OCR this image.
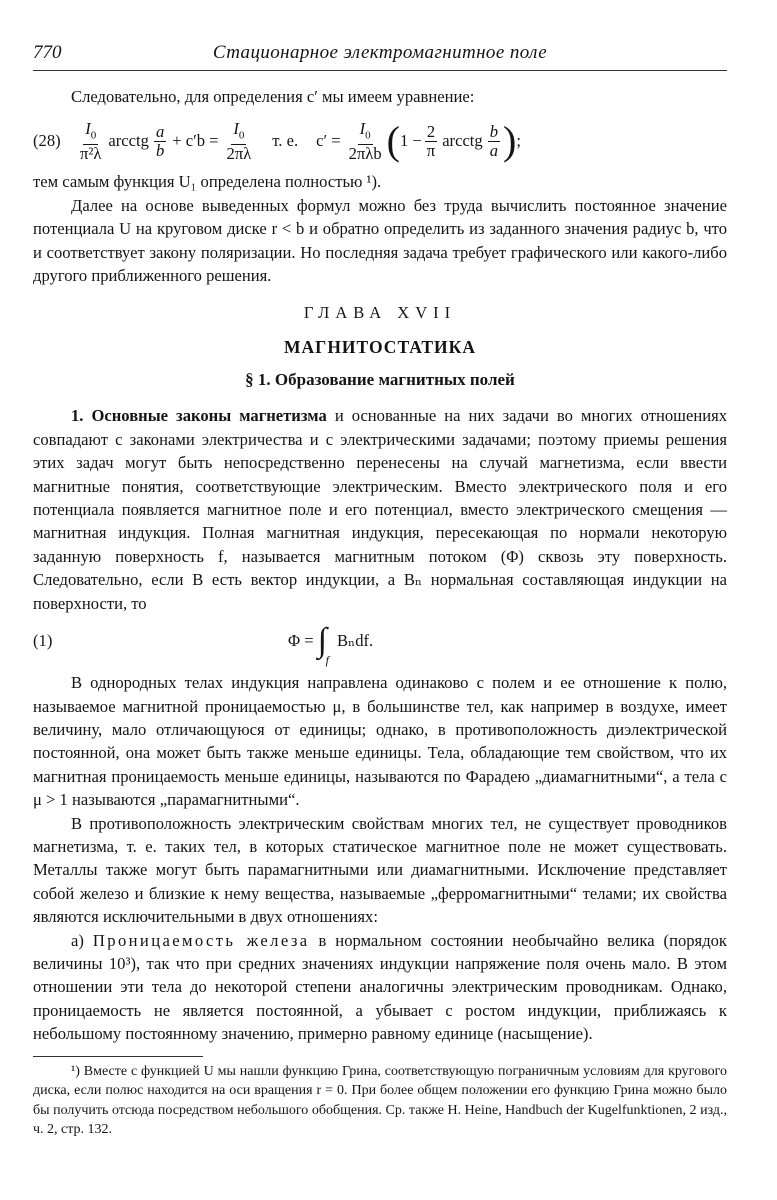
770	Стационарное электромагнитное поле

Следовательно, для определения c′ мы имеем уравнение:

(28)	$\frac{I_0}{\text{π²λ}}$ arcctg $\frac{a}{b} + c'b = \frac{I_0}{2\pi\lambda} т$. е. $c' = \frac{I_0}{\text{2πλb}}$ ( $1 - \frac{2}{\pi}$ arcctg $\frac{b}{a}$ ) ;

тем самым функция U₁ определена полностью ¹).

Далее на основе выведенных формул можно без труда вычислить постоянное значение потенциала U на круговом диске r < b и обратно определить из заданного значения радиус b, что и соответствует закону поляризации. Но последняя задача требует графического или какого-либо другого приближенного решения.

ГЛАВА XVII
МАГНИТОСТАТИКА
§ 1. Образование магнитных полей

1. Основные законы магнетизма и основанные на них задачи во многих отношениях совпадают с законами электричества и с электрическими задачами; поэтому приемы решения этих задач могут быть непосредственно перенесены на случай магнетизма, если ввести магнитные понятия, соответствующие электрическим. Вместо электрического поля и его потенциала появляется магнитное поле и его потенциал, вместо электрического смещения — магнитная индукция. Полная магнитная индукция, пересекающая по нормали некоторую заданную поверхность f, называется магнитным потоком (Φ) сквозь эту поверхность. Следовательно, если B есть вектор индукции, а Bₙ нормальная составляющая индукции на поверхности, то

(1)	Φ = ∫
f
Bₙdf.

В однородных телах индукция направлена одинаково с полем и ее отношение к полю, называемое магнитной проницаемостью μ, в большинстве тел, как например в воздухе, имеет величину, мало отличающуюся от единицы; однако, в противоположность диэлектрической постоянной, она может быть также меньше единицы. Тела, обладающие тем свойством, что их магнитная проницаемость меньше единицы, называются по Фарадею „диамагнитными“, а тела с μ > 1 называются „парамагнитными“.

В противоположность электрическим свойствам многих тел, не существует проводников магнетизма, т. е. таких тел, в которых статическое магнитное поле не может существовать. Металлы также могут быть парамагнитными или диамагнитными. Исключение представляет собой железо и близкие к нему вещества, называемые „ферромагнитными“ телами; их свойства являются исключительными в двух отношениях:

а) Проницаемость железа в нормальном состоянии необычайно велика (порядок величины 10³), так что при средних значениях индукции напряжение поля очень мало. В этом отношении эти тела до некоторой степени аналогичны электрическим проводникам. Однако, проницаемость не является постоянной, а убывает с ростом индукции, приближаясь к небольшому постоянному значению, примерно равному единице (насыщение).

¹) Вместе с функцией U мы нашли функцию Грина, соответствующую пограничным условиям для кругового диска, если полюс находится на оси вращения r = 0. При более общем положении его функцию Грина можно было бы получить отсюда посредством небольшого обобщения. Ср. также H. Heine, Handbuch der Kugelfunktionen, 2 изд., ч. 2, стр. 132.
